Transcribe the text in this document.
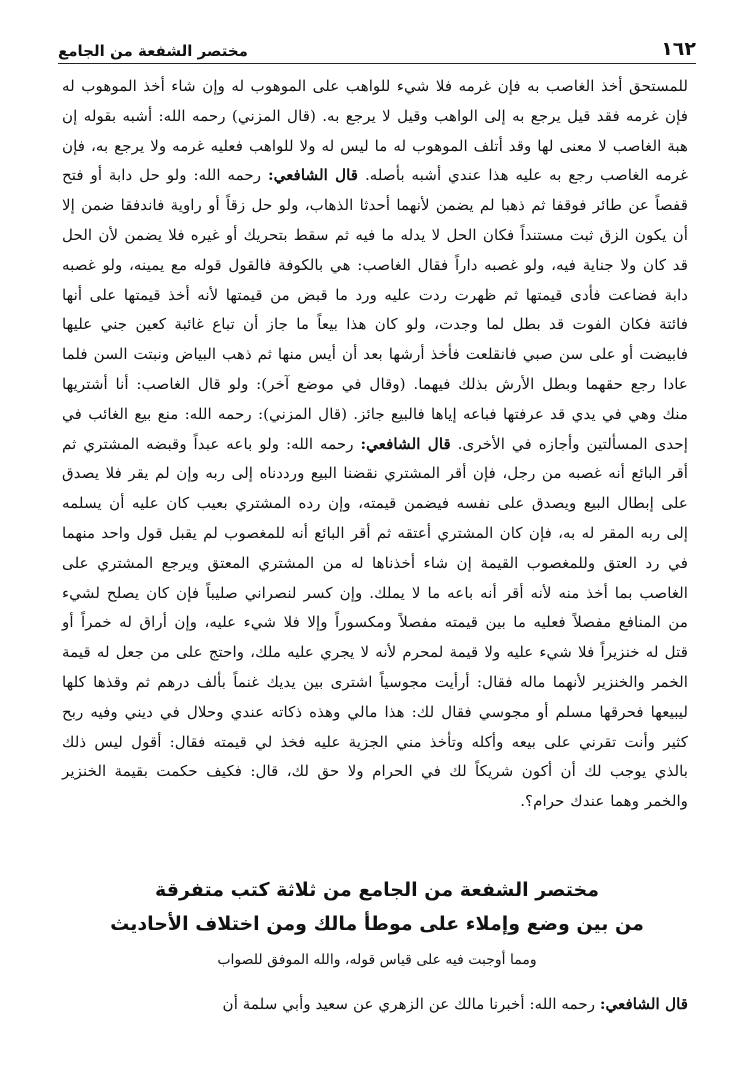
١٦٢
مختصر الشفعة من الجامع

للمستحق أخذ الغاصب به فإن غرمه فلا شيء للواهب على الموهوب له وإن شاء أخذ الموهوب له فإن غرمه فقد قيل يرجع به إلى الواهب وقيل لا يرجع به. (قال المزني) رحمه الله: أشبه بقوله إن هبة الغاصب لا معنى لها وقد أتلف الموهوب له ما ليس له ولا للواهب فعليه غرمه ولا يرجع به، فإن غرمه الغاصب رجع به عليه هذا عندي أشبه بأصله. قال الشافعي: رحمه الله: ولو حل دابة أو فتح قفصاً عن طائر فوقفا ثم ذهبا لم يضمن لأنهما أحدثا الذهاب، ولو حل زقاً أو راوية فاندفقا ضمن إلا أن يكون الزق ثبت مستنداً فكان الحل لا يدله ما فيه ثم سقط بتحريك أو غيره فلا يضمن لأن الحل قد كان ولا جناية فيه، ولو غصبه داراً فقال الغاصب: هي بالكوفة فالقول قوله مع يمينه، ولو غصبه دابة فضاعت فأدى قيمتها ثم ظهرت ردت عليه ورد ما قبض من قيمتها لأنه أخذ قيمتها على أنها فائتة فكان الفوت قد بطل لما وجدت، ولو كان هذا بيعاً ما جاز أن تباع غائبة كعين جني عليها فابيضت أو على سن صبي فانقلعت فأخذ أرشها بعد أن أيس منها ثم ذهب البياض ونبتت السن فلما عادا رجع حقهما وبطل الأرش بذلك فيهما. (وقال في موضع آخر): ولو قال الغاصب: أنا أشتريها منك وهي في يدي قد عرفتها فباعه إياها فالبيع جائز. (قال المزني): رحمه الله: منع بيع الغائب في إحدى المسألتين وأجازه في الأخرى. قال الشافعي: رحمه الله: ولو باعه عبداً وقبضه المشتري ثم أقر البائع أنه غصبه من رجل، فإن أقر المشتري نقضنا البيع ورددناه إلى ربه وإن لم يقر فلا يصدق على إبطال البيع ويصدق على نفسه فيضمن قيمته، وإن رده المشتري بعيب كان عليه أن يسلمه إلى ربه المقر له به، فإن كان المشتري أعتقه ثم أقر البائع أنه للمغصوب لم يقبل قول واحد منهما في رد العتق وللمغصوب القيمة إن شاء أخذناها له من المشتري المعتق ويرجع المشتري على الغاصب بما أخذ منه لأنه أقر أنه باعه ما لا يملك. وإن كسر لنصراني صليباً فإن كان يصلح لشيء من المنافع مفصلاً فعليه ما بين قيمته مفصلاً ومكسوراً وإلا فلا شيء عليه، وإن أراق له خمراً أو قتل له خنزيراً فلا شيء عليه ولا قيمة لمحرم لأنه لا يجري عليه ملك، واحتج على من جعل له قيمة الخمر والخنزير لأنهما ماله فقال: أرأيت مجوسياً اشترى بين يديك غنماً بألف درهم ثم وقذها كلها ليبيعها فحرقها مسلم أو مجوسي فقال لك: هذا مالي وهذه ذكاته عندي وحلال في ديني وفيه ربح كثير وأنت تقرني على بيعه وأكله وتأخذ مني الجزية عليه فخذ لي قيمته فقال: أقول ليس ذلك بالذي يوجب لك أن أكون شريكاً لك في الحرام ولا حق لك، قال: فكيف حكمت بقيمة الخنزير والخمر وهما عندك حرام؟.

مختصر الشفعة من الجامع من ثلاثة كتب متفرقة
من بين وضع وإملاء على موطأ مالك ومن اختلاف الأحاديث
ومما أوجبت فيه على قياس قوله، والله الموفق للصواب
قال الشافعي: رحمه الله: أخبرنا مالك عن الزهري عن سعيد وأبي سلمة أن
